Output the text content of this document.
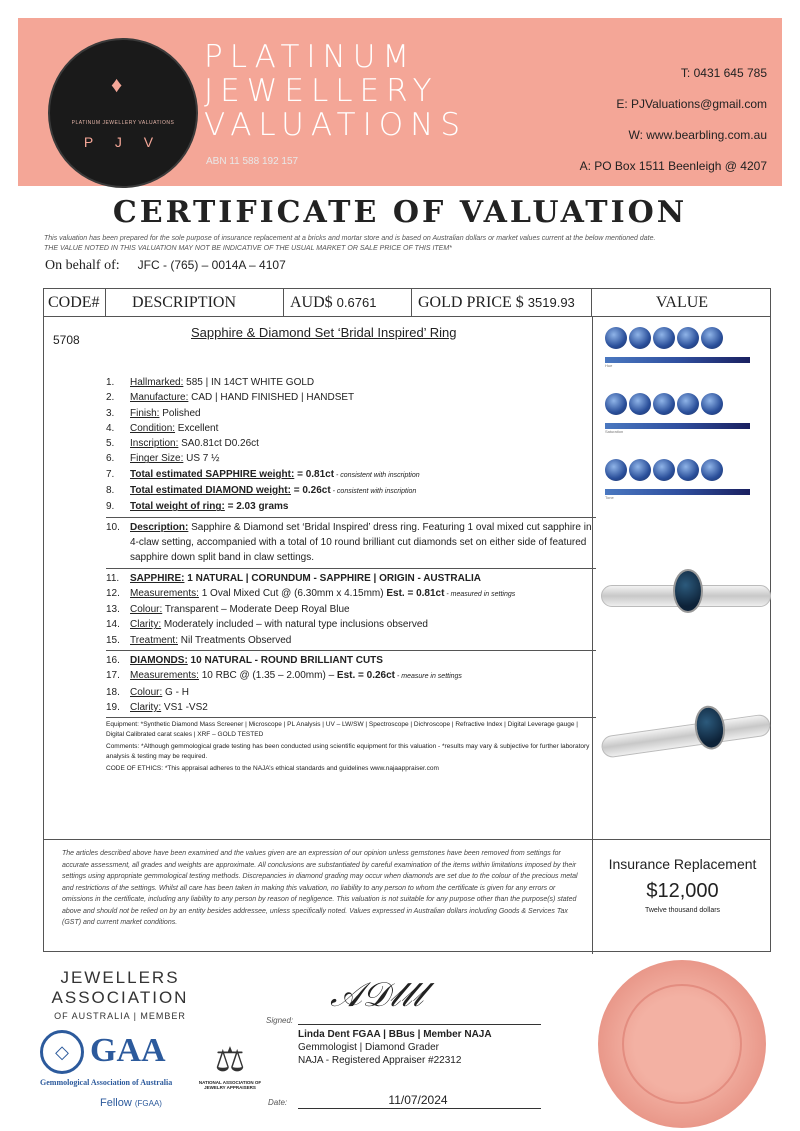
♦
PLATINUM JEWELLERY VALUATIONS
P J V
PLATINUM
JEWELLERY
VALUATIONS
ABN 11 588 192 157
T: 0431 645 785
E: PJValuations@gmail.com
W: www.bearbling.com.au
A: PO Box 1511 Beenleigh @ 4207
CERTIFICATE OF VALUATION
This valuation has been prepared for the sole purpose of insurance replacement at a bricks and mortar store and is based on Australian dollars or market values current at the below mentioned date.
THE VALUE NOTED IN THIS VALUATION MAY NOT BE INDICATIVE OF THE USUAL MARKET OR SALE PRICE OF THIS ITEM*
On behalf of: JFC - (765) – 0014A – 4107
CODE#	DESCRIPTION	AUD$ 0.6761	GOLD PRICE $ 3519.93	VALUE
5708	Sapphire & Diamond Set ‘Bridal Inspired’ Ring
1.	Hallmarked: 585 | IN 14CT WHITE GOLD
2.	Manufacture: CAD | HAND FINISHED | HANDSET
3.	Finish: Polished
4.	Condition: Excellent
5.	Inscription: SA0.81ct D0.26ct
6.	Finger Size: US 7 ½
7.	Total estimated SAPPHIRE weight: = 0.81ct - consistent with inscription
8.	Total estimated DIAMOND weight: = 0.26ct - consistent with inscription
9.	Total weight of ring: = 2.03 grams
10.	Description: Sapphire & Diamond set ‘Bridal Inspired’ dress ring. Featuring 1 oval mixed cut sapphire in 4-claw setting, accompanied with a total of 10 round brilliant cut diamonds set on either side of featured sapphire down split band in claw settings.
11.	SAPPHIRE: 1 NATURAL | CORUNDUM - SAPPHIRE | ORIGIN - AUSTRALIA
12.	Measurements: 1 Oval Mixed Cut @ (6.30mm x 4.15mm) Est. = 0.81ct - measured in settings
13.	Colour: Transparent – Moderate Deep Royal Blue
14.	Clarity: Moderately included – with natural type inclusions observed
15.	Treatment: Nil Treatments Observed
16.	DIAMONDS: 10 NATURAL - ROUND BRILLIANT CUTS
17.	Measurements: 10 RBC @ (1.35 – 2.00mm) – Est. = 0.26ct - measure in settings
18.	Colour: G - H
19.	Clarity: VS1 -VS2
Equipment: *Synthetic Diamond Mass Screener | Microscope | PL Analysis | UV – LW/SW | Spectroscope | Dichroscope | Refractive Index | Digital Leverage gauge | Digital Calibrated carat scales | XRF – GOLD TESTED
Comments: *Although gemmological grade testing has been conducted using scientific equipment for this valuation - *results may vary & subjective for further laboratory analysis & testing may be required.
CODE OF ETHICS: *This appraisal adheres to the NAJA’s ethical standards and guidelines www.najaappraiser.com
Hue
Saturation
Tone
The articles described above have been examined and the values given are an expression of our opinion unless gemstones have been removed from settings for accurate assessment, all grades and weights are approximate. All conclusions are substantiated by careful examination of the items within limitations imposed by their settings using appropriate gemmological testing methods. Discrepancies in diamond grading may occur when diamonds are set due to the colour of the precious metal and restrictions of the settings. Whilst all care has been taken in making this valuation, no liability to any person to whom the certificate is given for any errors or omissions in the certificate, including any liability to any person by reason of negligence. This valuation is not suitable for any purpose other than the purpose(s) stated above and should not be relied on by an entity besides addressee, unless specifically noted. Values expressed in Australian dollars including Goods & Services Tax (GST) and current market conditions.
Insurance Replacement
$12,000
Twelve thousand dollars
JEWELLERS
ASSOCIATION
OF AUSTRALIA | MEMBER
◇ GAA
Gemmological Association of Australia
Fellow (FGAA)
⚖
NATIONAL ASSOCIATION OF JEWELRY APPRAISERS
𝒜𝒟𝓁𝓁𝓁
Signed:
Linda Dent FGAA | BBus | Member NAJA
Gemmologist | Diamond Grader
NAJA - Registered Appraiser #22312
Date:	11/07/2024
